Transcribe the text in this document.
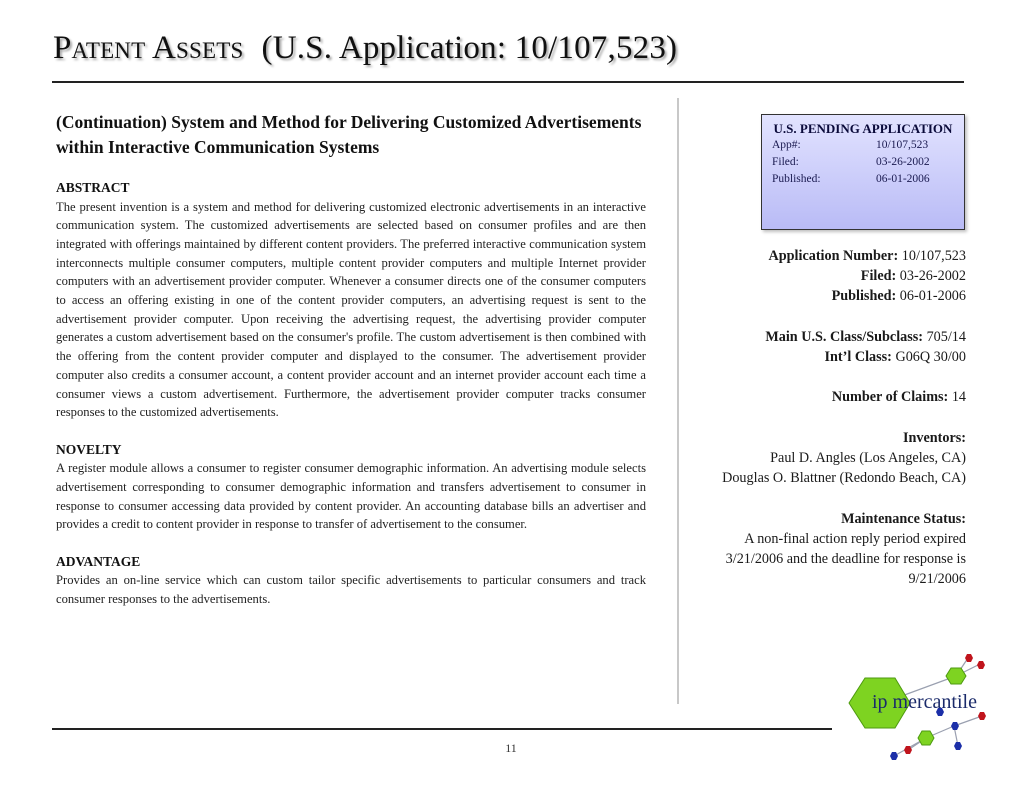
Patent Assets (U.S. Application: 10/107,523)
(Continuation) System and Method for Delivering Customized Advertisements within Interactive Communication Systems
ABSTRACT

The present invention is a system and method for delivering customized electronic advertisements in an interactive communication system. The customized advertisements are selected based on consumer profiles and are then integrated with offerings maintained by different content providers. The preferred interactive communication system interconnects multiple consumer computers, multiple content provider computers and multiple Internet provider computers with an advertisement provider computer. Whenever a consumer directs one of the consumer computers to access an offering existing in one of the content provider computers, an advertising request is sent to the advertisement provider computer. Upon receiving the advertising request, the advertising provider computer generates a custom advertisement based on the consumer's profile. The custom advertisement is then combined with the offering from the content provider computer and displayed to the consumer. The advertisement provider computer also credits a consumer account, a content provider account and an internet provider account each time a consumer views a custom advertisement. Furthermore, the advertisement provider computer tracks consumer responses to the customized advertisements.

NOVELTY

A register module allows a consumer to register consumer demographic information. An advertising module selects advertisement corresponding to consumer demographic information and transfers advertisement to consumer in response to consumer accessing data provided by content provider. An accounting database bills an advertiser and provides a credit to content provider in response to transfer of advertisement to the consumer.

ADVANTAGE

Provides an on-line service which can custom tailor specific advertisements to particular consumers and track consumer responses to the advertisements.

U.S. PENDING APPLICATION
App#:	10/107,523
Filed:	03-26-2002
Published:	06-01-2006
Application Number: 10/107,523
Filed: 03-26-2002
Published: 06-01-2006
Main U.S. Class/Subclass: 705/14
Int’l Class: G06Q 30/00
Number of Claims: 14
Inventors:
Paul D. Angles (Los Angeles, CA)
Douglas O. Blattner (Redondo Beach, CA)
Maintenance Status:
A non-final action reply period expired
3/21/2006 and the deadline for response is
9/21/2006
ip mercantile
11
